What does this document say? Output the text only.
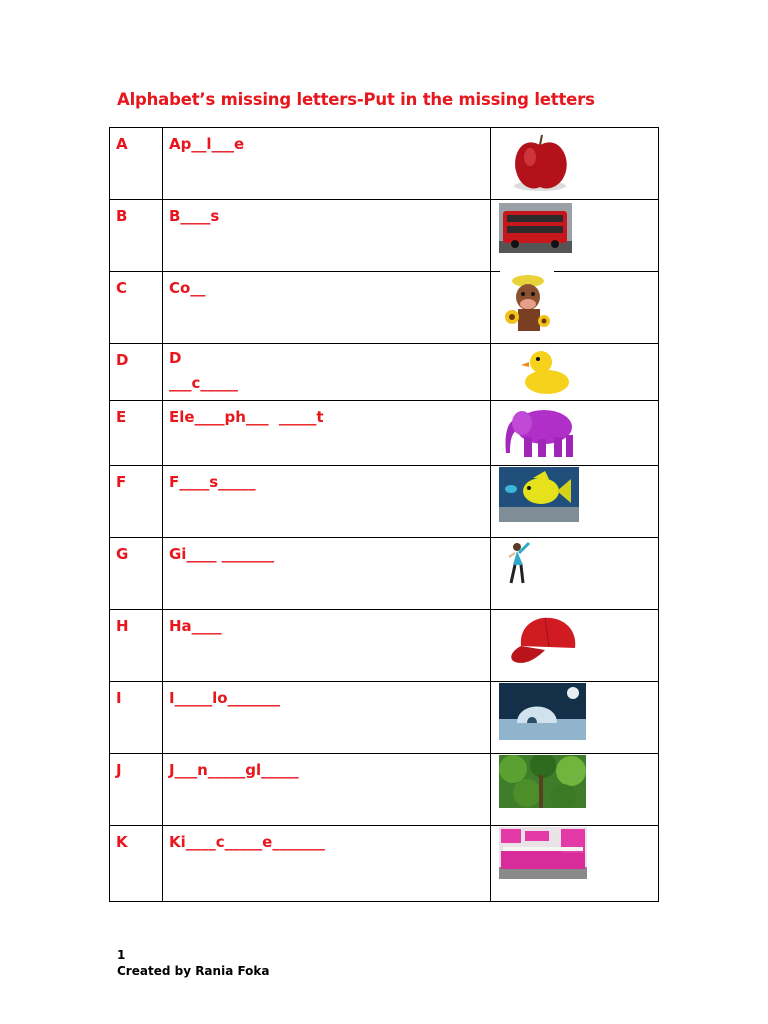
Alphabet’s missing letters-Put in the missing letters
A	Ap__l___e

B	B____s

C	Co__

D	D
___c_____

E	Ele____ph___  _____t

F	F____s_____

G	Gi____ _______

H	Ha____

I	I_____lo_______

J	J___n_____gl_____

K	Ki____c_____e_______

1
Created by Rania Foka
